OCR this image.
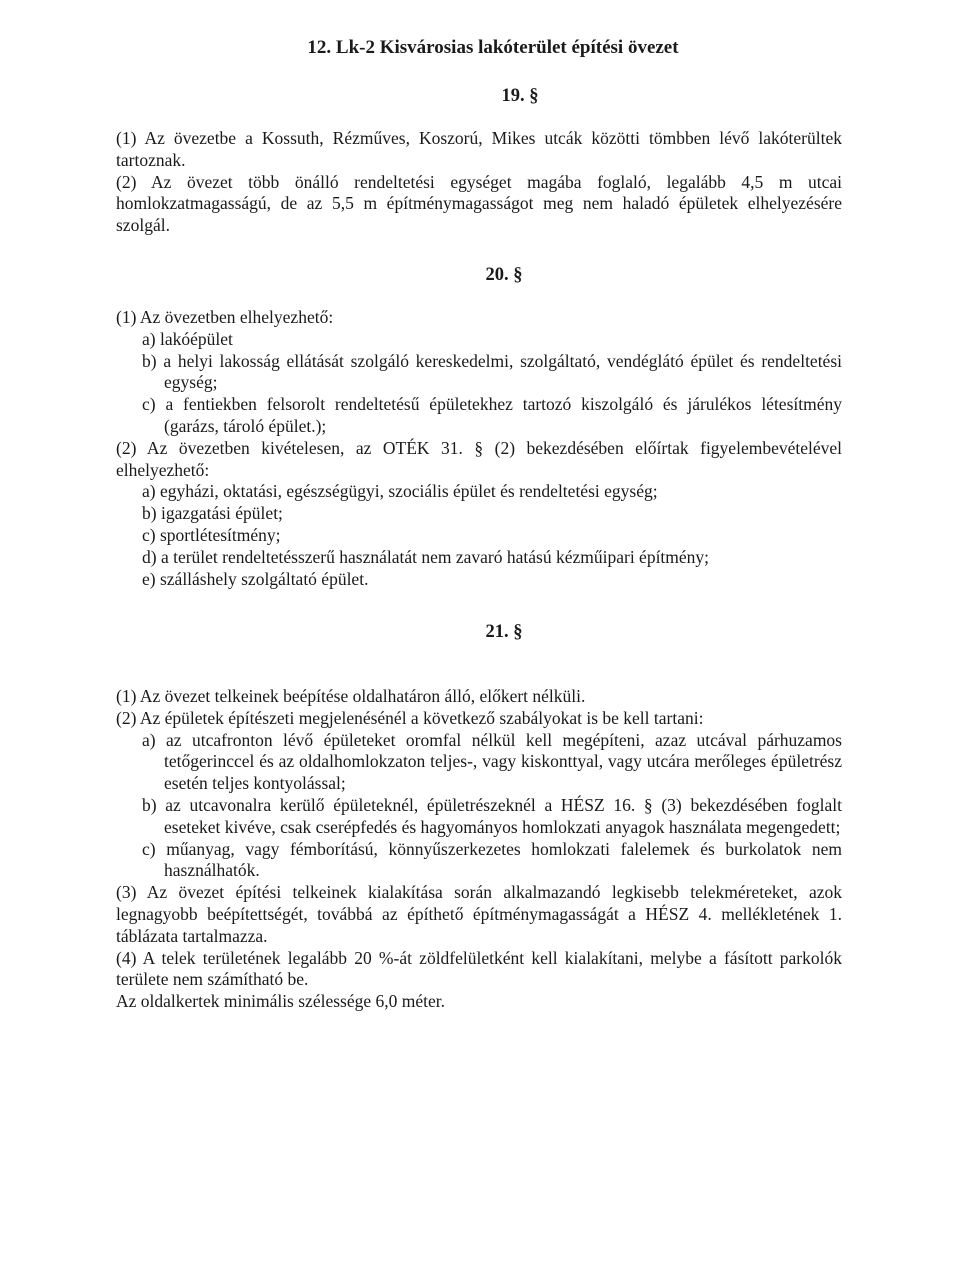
12. Lk-2 Kisvárosias lakóterület építési övezet
19. §

(1) Az övezetbe a Kossuth, Rézműves, Koszorú, Mikes utcák közötti tömbben lévő lakóterültek tartoznak.

(2) Az övezet több önálló rendeltetési egységet magába foglaló, legalább 4,5 m utcai homlokzatmagasságú, de az 5,5 m építménymagasságot meg nem haladó épületek elhelyezésére szolgál.

20. §

(1) Az övezetben elhelyezhető:

a) lakóépület

b) a helyi lakosság ellátását szolgáló kereskedelmi, szolgáltató, vendéglátó épület és rendeltetési egység;

c) a fentiekben felsorolt rendeltetésű épületekhez tartozó kiszolgáló és járulékos létesítmény (garázs, tároló épület.);

(2) Az övezetben kivételesen, az OTÉK 31. § (2) bekezdésében előírtak figyelembevételével elhelyezhető:

a) egyházi, oktatási, egészségügyi, szociális épület és rendeltetési egység;

b) igazgatási épület;

c) sportlétesítmény;

d) a terület rendeltetésszerű használatát nem zavaró hatású kézműipari építmény;

e) szálláshely szolgáltató épület.

21. §

(1) Az övezet telkeinek beépítése oldalhatáron álló, előkert nélküli.

(2) Az épületek építészeti megjelenésénél a következő szabályokat is be kell tartani:

a) az utcafronton lévő épületeket oromfal nélkül kell megépíteni, azaz utcával párhuzamos tetőgerinccel és az oldalhomlokzaton teljes-, vagy kiskonttyal, vagy utcára merőleges épületrész esetén teljes kontyolással;

b) az utcavonalra kerülő épületeknél, épületrészeknél a HÉSZ 16. § (3) bekezdésében foglalt eseteket kivéve, csak cserépfedés és hagyományos homlokzati anyagok használata megengedett;

c) műanyag, vagy fémborítású, könnyűszerkezetes homlokzati falelemek és burkolatok nem használhatók.

(3) Az övezet építési telkeinek kialakítása során alkalmazandó legkisebb telekméreteket, azok legnagyobb beépítettségét, továbbá az építhető építménymagasságát a HÉSZ 4. mellékletének 1. táblázata tartalmazza.

(4) A telek területének legalább 20 %-át zöldfelületként kell kialakítani, melybe a fásított parkolók területe nem számítható be.

Az oldalkertek minimális szélessége 6,0 méter.
